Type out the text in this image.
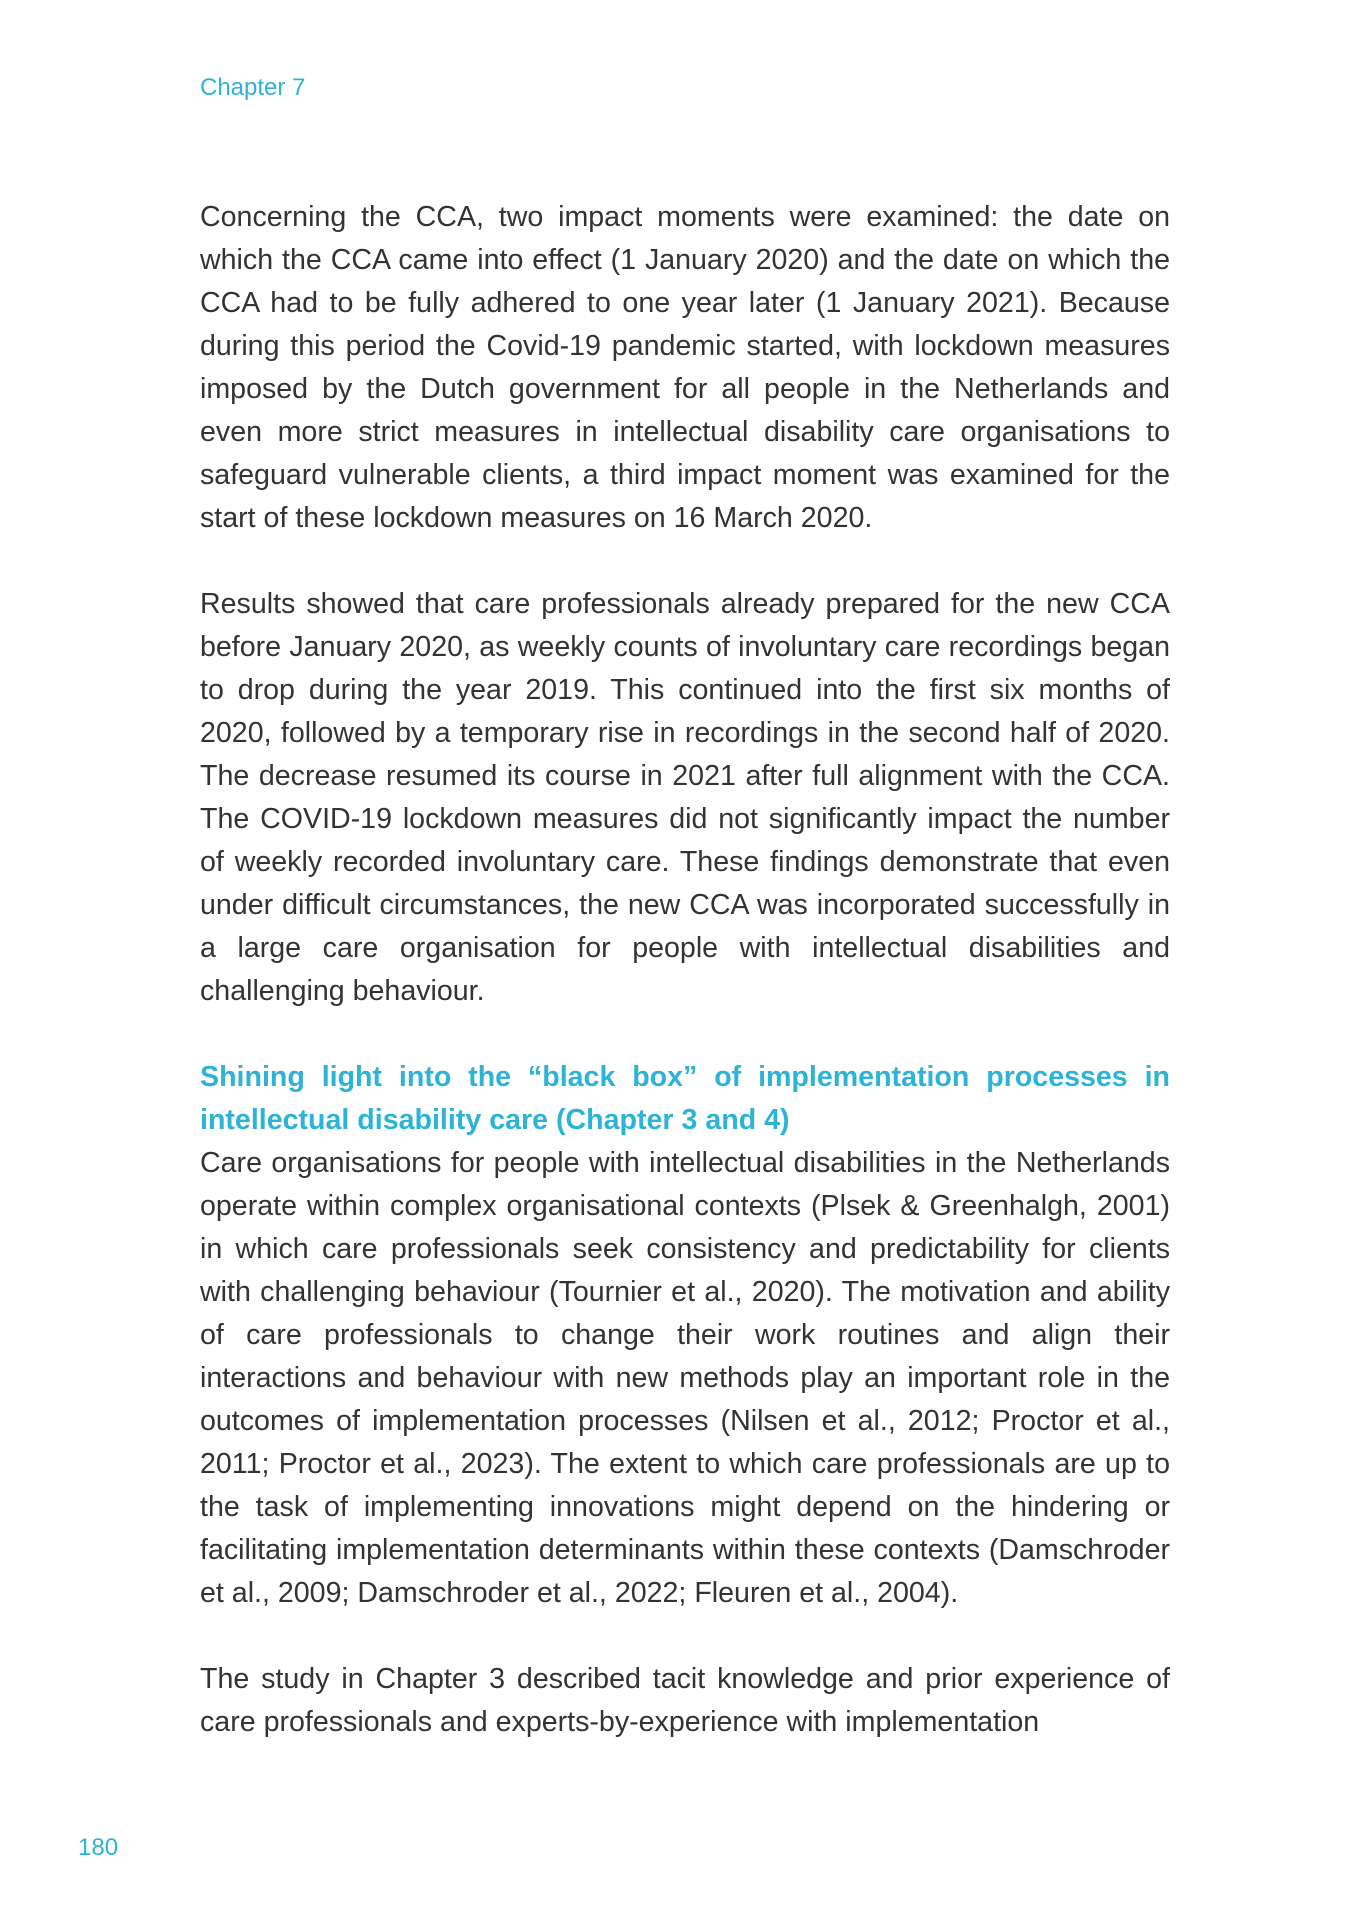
Chapter 7

Concerning the CCA, two impact moments were examined: the date on which the CCA came into effect (1 January 2020) and the date on which the CCA had to be fully adhered to one year later (1 January 2021). Because during this period the Covid-19 pandemic started, with lockdown measures imposed by the Dutch government for all people in the Netherlands and even more strict measures in intellectual disability care organisations to safeguard vulnerable clients, a third impact moment was examined for the start of these lockdown measures on 16 March 2020.

Results showed that care professionals already prepared for the new CCA before January 2020, as weekly counts of involuntary care recordings began to drop during the year 2019. This continued into the first six months of 2020, followed by a temporary rise in recordings in the second half of 2020. The decrease resumed its course in 2021 after full alignment with the CCA. The COVID-19 lockdown measures did not significantly impact the number of weekly recorded involuntary care. These findings demonstrate that even under difficult circumstances, the new CCA was incorporated successfully in a large care organisation for people with intellectual disabilities and challenging behaviour.

Shining light into the “black box” of implementation processes in intellectual disability care (Chapter 3 and 4)

Care organisations for people with intellectual disabilities in the Netherlands operate within complex organisational contexts (Plsek & Greenhalgh, 2001) in which care professionals seek consistency and predictability for clients with challenging behaviour (Tournier et al., 2020). The motivation and ability of care professionals to change their work routines and align their interactions and behaviour with new methods play an important role in the outcomes of implementation processes (Nilsen et al., 2012; Proctor et al., 2011; Proctor et al., 2023). The extent to which care professionals are up to the task of implementing innovations might depend on the hindering or facilitating implementation determinants within these contexts (Damschroder et al., 2009; Damschroder et al., 2022; Fleuren et al., 2004).

The study in Chapter 3 described tacit knowledge and prior experience of care professionals and experts-by-experience with implementation

180
